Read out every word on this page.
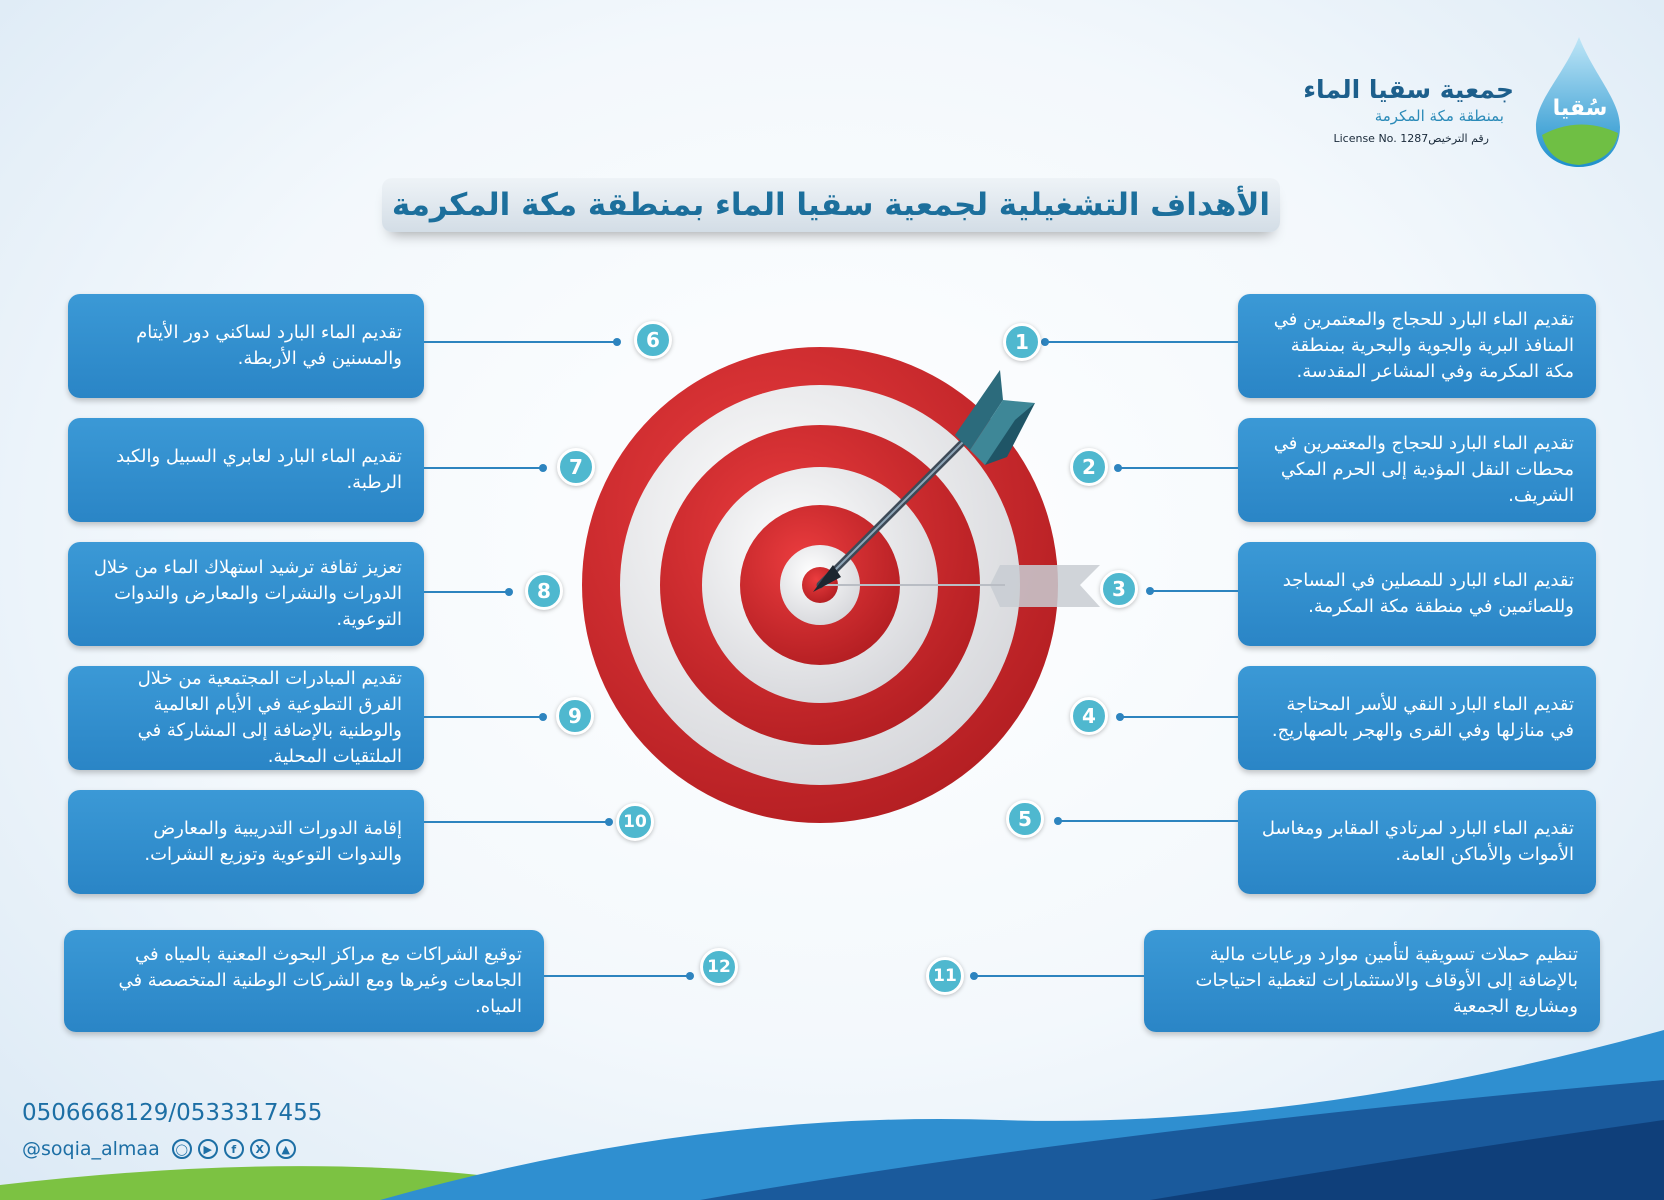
سُقيا
جمعية سقيا الماء
بمنطقة مكة المكرمة
License No. 1287رقم الترخيص
الأهداف التشغيلية لجمعية سقيا الماء بمنطقة مكة المكرمة
تقديم الماء البارد للحجاج والمعتمرين في المنافذ البرية والجوية والبحرية بمنطقة مكة المكرمة وفي المشاعر المقدسة.
1
تقديم الماء البارد للحجاج والمعتمرين في محطات النقل المؤدية إلى الحرم المكي الشريف.
2
تقديم الماء البارد للمصلين في المساجد وللصائمين في منطقة مكة المكرمة.
3
تقديم الماء البارد النقي للأسر المحتاجة في منازلها وفي القرى والهجر بالصهاريج.
4
تقديم الماء البارد لمرتادي المقابر ومغاسل الأموات والأماكن العامة.
5
تقديم الماء البارد لساكني دور الأيتام والمسنين في الأربطة.
6
تقديم الماء البارد لعابري السبيل والكبد الرطبة.
7
تعزيز ثقافة ترشيد استهلاك الماء من خلال الدورات والنشرات والمعارض والندوات التوعوية.
8
تقديم المبادرات المجتمعية من خلال الفرق التطوعية في الأيام العالمية والوطنية بالإضافة إلى المشاركة في الملتقيات المحلية.
9
إقامة الدورات التدريبية والمعارض والندوات التوعوية وتوزيع النشرات.
10
تنظيم حملات تسويقية لتأمين موارد ورعايات مالية بالإضافة إلى الأوقاف والاستثمارات لتغطية احتياجات ومشاريع الجمعية
11
توقيع الشراكات مع مراكز البحوث المعنية بالمياه في الجامعات وغيرها ومع الشركات الوطنية المتخصصة في المياه.
12
0506668129/0533317455
@soqia_almaa	◯	▶	f	X	▲
